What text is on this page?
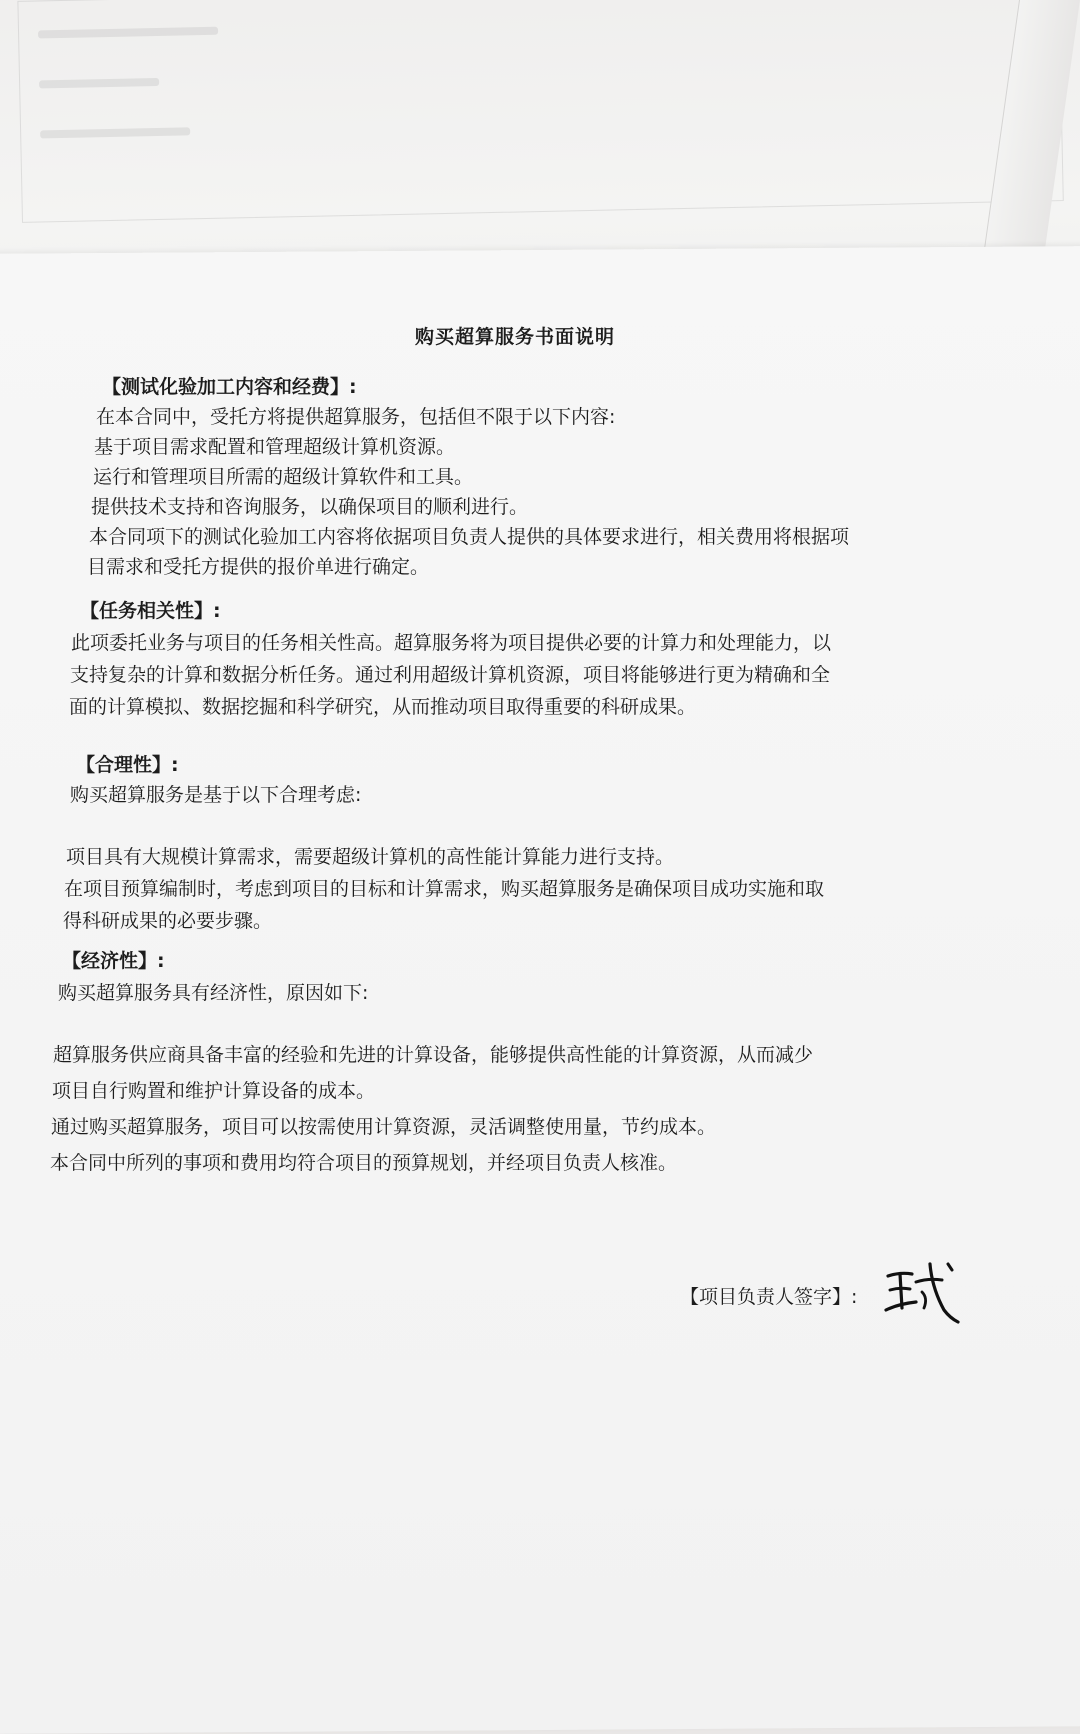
购买超算服务书面说明
【测试化验加工内容和经费】:
在本合同中，受托方将提供超算服务，包括但不限于以下内容:
基于项目需求配置和管理超级计算机资源。
运行和管理项目所需的超级计算软件和工具。
提供技术支持和咨询服务，以确保项目的顺利进行。
本合同项下的测试化验加工内容将依据项目负责人提供的具体要求进行，相关费用将根据项
目需求和受托方提供的报价单进行确定。
【任务相关性】:
此项委托业务与项目的任务相关性高。超算服务将为项目提供必要的计算力和处理能力，以
支持复杂的计算和数据分析任务。通过利用超级计算机资源，项目将能够进行更为精确和全
面的计算模拟、数据挖掘和科学研究，从而推动项目取得重要的科研成果。
【合理性】:
购买超算服务是基于以下合理考虑:
项目具有大规模计算需求，需要超级计算机的高性能计算能力进行支持。
在项目预算编制时，考虑到项目的目标和计算需求，购买超算服务是确保项目成功实施和取
得科研成果的必要步骤。
【经济性】:
购买超算服务具有经济性，原因如下:
超算服务供应商具备丰富的经验和先进的计算设备，能够提供高性能的计算资源，从而减少
项目自行购置和维护计算设备的成本。
通过购买超算服务，项目可以按需使用计算资源，灵活调整使用量，节约成本。
本合同中所列的事项和费用均符合项目的预算规划，并经项目负责人核准。
【项目负责人签字】:
